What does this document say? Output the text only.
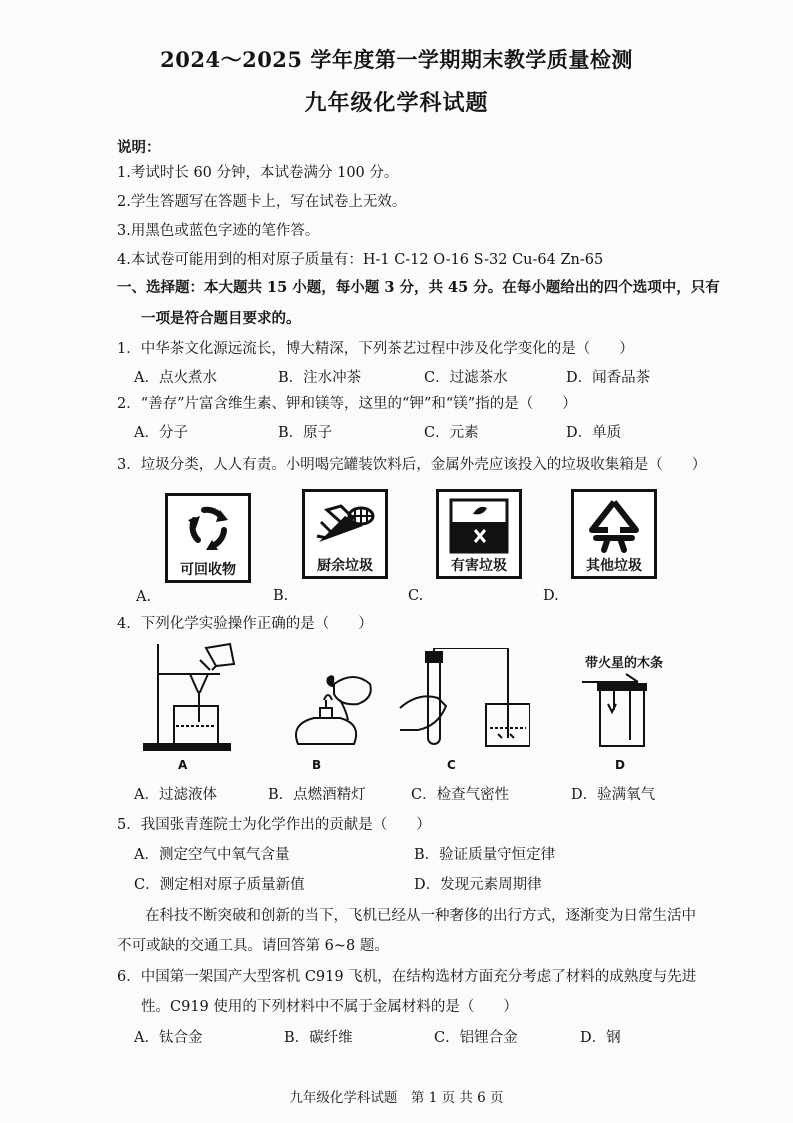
2024～2025 学年度第一学期期末教学质量检测
九年级化学科试题
说明：
1.考试时长 60 分钟，本试卷满分 100 分。
2.学生答题写在答题卡上，写在试卷上无效。
3.用黑色或蓝色字迹的笔作答。
4.本试卷可能用到的相对原子质量有：H-1 C-12 O-16 S-32 Cu-64 Zn-65
一、选择题：本大题共 15 小题，每小题 3 分，共 45 分。在每小题给出的四个选项中，只有
一项是符合题目要求的。
1．中华茶文化源远流长，博大精深，下列茶艺过程中涉及化学变化的是（　　）
A．点火煮水	B．注水冲茶	C．过滤茶水	D．闻香品茶
2．“善存”片富含维生素、钾和镁等，这里的“钾”和“镁”指的是（　　）
A．分子	B．原子	C．元素	D．单质
3．垃圾分类，人人有责。小明喝完罐装饮料后，金属外壳应该投入的垃圾收集箱是（　　）
可回收物	厨余垃圾	有害垃圾	其他垃圾
A.	B.	C.	D.
4．下列化学实验操作正确的是（　　）
A	B	C
带火星的木条
D
A．过滤液体	B．点燃酒精灯	C．检查气密性	D．验满氧气
5．我国张青莲院士为化学作出的贡献是（　　）
A．测定空气中氧气含量	B．验证质量守恒定律
C．测定相对原子质量新值	D．发现元素周期律
在科技不断突破和创新的当下，飞机已经从一种奢侈的出行方式，逐渐变为日常生活中
不可或缺的交通工具。请回答第 6~8 题。
6．中国第一架国产大型客机 C919 飞机，在结构选材方面充分考虑了材料的成熟度与先进
性。C919 使用的下列材料中不属于金属材料的是（　　）
A．钛合金	B．碳纤维	C．铝锂合金	D．钢
九年级化学科试题　第 1 页 共 6 页
